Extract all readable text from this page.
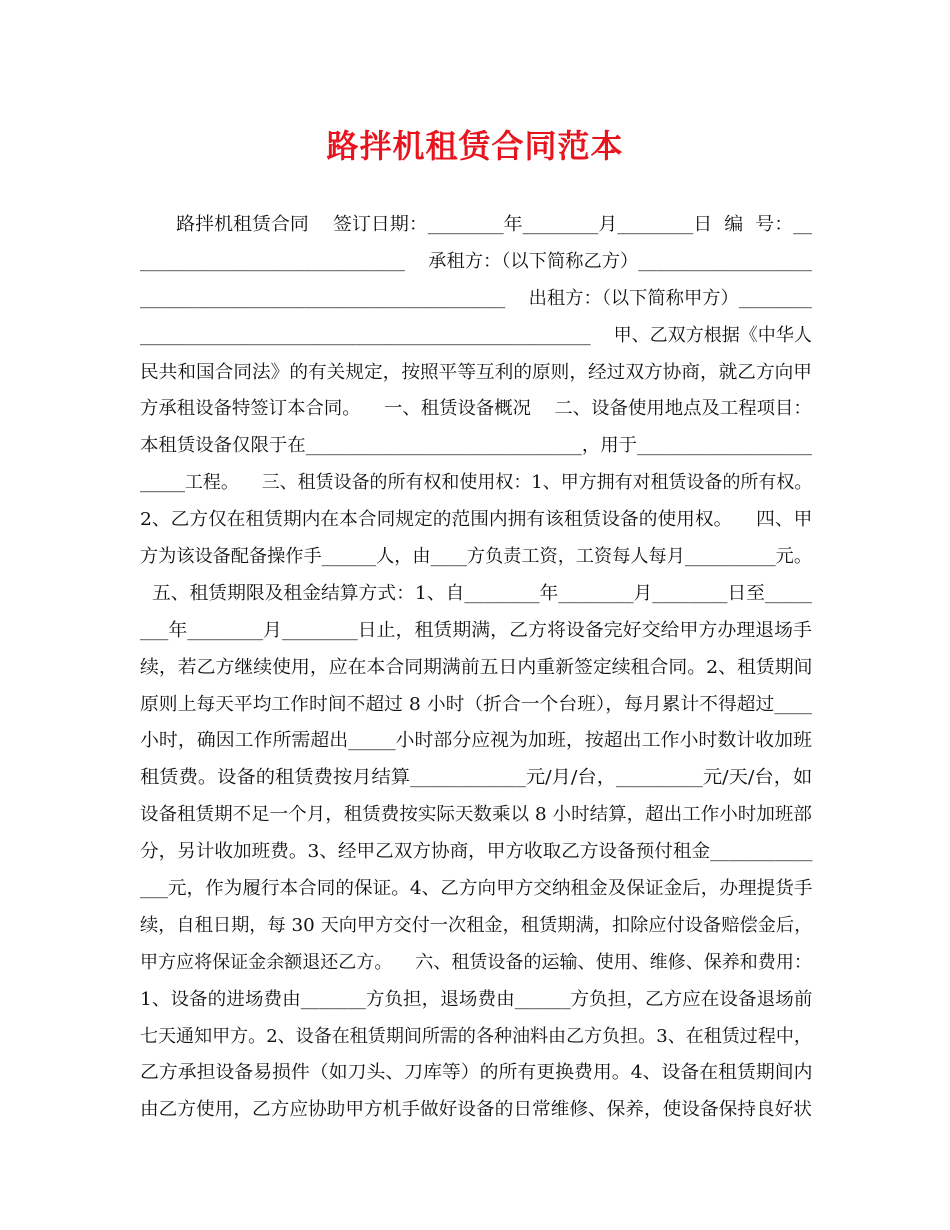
路拌机租赁合同范本
路拌机租赁合同    签订日期：________年________月________日  编  号：__
_____________________________    承租方：（以下简称乙方）___________________
________________________________________    出租方：（以下简称甲方）________
__________________________________________________    甲、乙双方根据《中华人
民共和国合同法》的有关规定，按照平等互利的原则，经过双方协商，就乙方向甲
方承租设备特签订本合同。    一、租赁设备概况    二、设备使用地点及工程项目：
本租赁设备仅限于在______________________________，用于___________________
_____工程。    三、租赁设备的所有权和使用权：1、甲方拥有对租赁设备的所有权。
2、乙方仅在租赁期内在本合同规定的范围内拥有该租赁设备的使用权。    四、甲
方为该设备配备操作手______人，由____方负责工资，工资每人每月__________元。
五、租赁期限及租金结算方式：1、自________年________月________日至_____
___年________月________日止，租赁期满，乙方将设备完好交给甲方办理退场手
续，若乙方继续使用，应在本合同期满前五日内重新签定续租合同。2、租赁期间
原则上每天平均工作时间不超过 8 小时（折合一个台班），每月累计不得超过____
小时，确因工作所需超出_____小时部分应视为加班，按超出工作小时数计收加班
租赁费。设备的租赁费按月结算____________元/月/台，_________元/天/台，如
设备租赁期不足一个月，租赁费按实际天数乘以 8 小时结算，超出工作小时加班部
分，另计收加班费。3、经甲乙双方协商，甲方收取乙方设备预付租金___________
___元，作为履行本合同的保证。4、乙方向甲方交纳租金及保证金后，办理提货手
续，自租日期，每 30 天向甲方交付一次租金，租赁期满，扣除应付设备赔偿金后，
甲方应将保证金余额退还乙方。    六、租赁设备的运输、使用、维修、保养和费用：
1、设备的进场费由_______方负担，退场费由______方负担，乙方应在设备退场前
七天通知甲方。2、设备在租赁期间所需的各种油料由乙方负担。3、在租赁过程中，
乙方承担设备易损件（如刀头、刀库等）的所有更换费用。4、设备在租赁期间内
由乙方使用，乙方应协助甲方机手做好设备的日常维修、保养，使设备保持良好状
